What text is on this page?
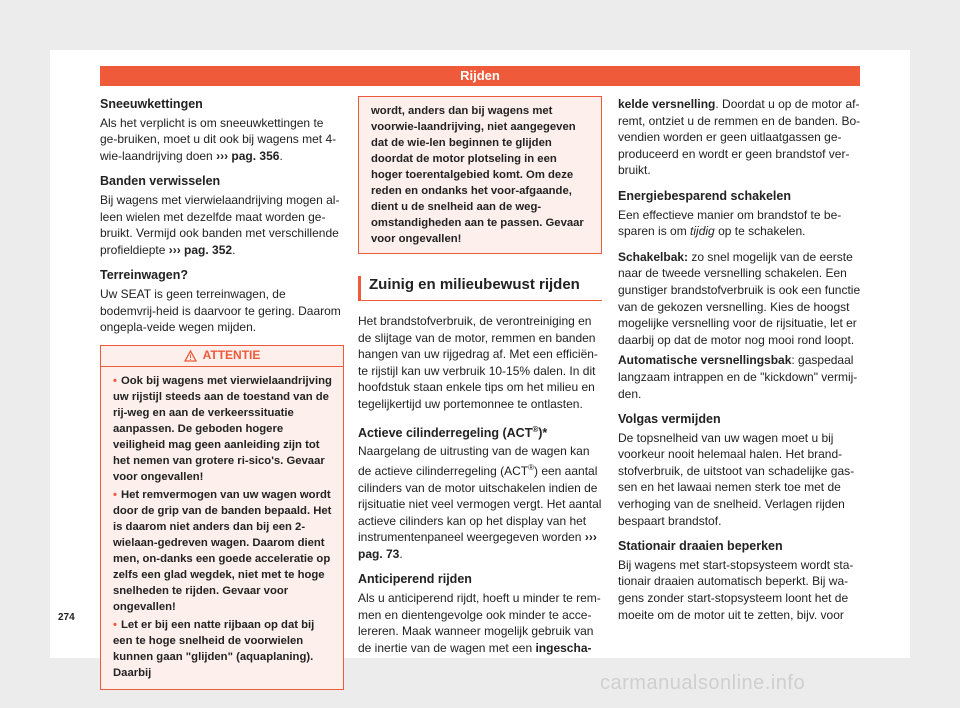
Rijden
Sneeuwkettingen

Als het verplicht is om sneeuwkettingen te ge-bruiken, moet u dit ook bij wagens met 4-wie-laandrijving doen ››› pag. 356.

Banden verwisselen

Bij wagens met vierwielaandrijving mogen al-leen wielen met dezelfde maat worden ge-bruikt. Vermijd ook banden met verschillende profieldiepte ››› pag. 352.

Terreinwagen?

Uw SEAT is geen terreinwagen, de bodemvrij-heid is daarvoor te gering. Daarom ongepla-veide wegen mijden.

ATTENTIE
• Ook bij wagens met vierwielaandrijving uw rijstijl steeds aan de toestand van de rij-weg en aan de verkeerssituatie aanpassen. De geboden hogere veiligheid mag geen aanleiding zijn tot het nemen van grotere ri-sico's. Gevaar voor ongevallen!
• Het remvermogen van uw wagen wordt door de grip van de banden bepaald. Het is daarom niet anders dan bij een 2-wielaan-gedreven wagen. Daarom dient men, on-danks een goede acceleratie op zelfs een glad wegdek, niet met te hoge snelheden te rijden. Gevaar voor ongevallen!
• Let er bij een natte rijbaan op dat bij een te hoge snelheid de voorwielen kunnen gaan "glijden" (aquaplaning). Daarbij
wordt, anders dan bij wagens met voorwie-laandrijving, niet aangegeven dat de wie-len beginnen te glijden doordat de motor plotseling in een hoger toerentalgebied komt. Om deze reden en ondanks het voor-afgaande, dient u de snelheid aan de weg-omstandigheden aan te passen. Gevaar voor ongevallen!
Zuinig en milieubewust rijden

Het brandstofverbruik, de verontreiniging en de slijtage van de motor, remmen en banden hangen van uw rijgedrag af. Met een efficiën-te rijstijl kan uw verbruik 10-15% dalen. In dit hoofdstuk staan enkele tips om het milieu en tegelijkertijd uw portemonnee te ontlasten.

Actieve cilinderregeling (ACT®)*

Naargelang de uitrusting van de wagen kan de actieve cilinderregeling (ACT®) een aantal cilinders van de motor uitschakelen indien de rijsituatie niet veel vermogen vergt. Het aantal actieve cilinders kan op het display van het instrumentenpaneel weergegeven worden ››› pag. 73.

Anticiperend rijden

Als u anticiperend rijdt, hoeft u minder te rem-men en dientengevolge ook minder te acce-lereren. Maak wanneer mogelijk gebruik van de inertie van de wagen met een ingescha-

kelde versnelling. Doordat u op de motor af-remt, ontziet u de remmen en de banden. Bo-vendien worden er geen uitlaatgassen ge-produceerd en wordt er geen brandstof ver-bruikt.

Energiebesparend schakelen

Een effectieve manier om brandstof te be-sparen is om tijdig op te schakelen.

Schakelbak: zo snel mogelijk van de eerste naar de tweede versnelling schakelen. Een gunstiger brandstofverbruik is ook een functie van de gekozen versnelling. Kies de hoogst mogelijke versnelling voor de rijsituatie, let er daarbij op dat de motor nog mooi rond loopt.

Automatische versnellingsbak: gaspedaal langzaam intrappen en de "kickdown" vermij-den.

Volgas vermijden

De topsnelheid van uw wagen moet u bij voorkeur nooit helemaal halen. Het brand-stofverbruik, de uitstoot van schadelijke gas-sen en het lawaai nemen sterk toe met de verhoging van de snelheid. Verlagen rijden bespaart brandstof.

Stationair draaien beperken

Bij wagens met start-stopsysteem wordt sta-tionair draaien automatisch beperkt. Bij wa-gens zonder start-stopsysteem loont het de moeite om de motor uit te zetten, bijv. voor

274
carmanualsonline.info
